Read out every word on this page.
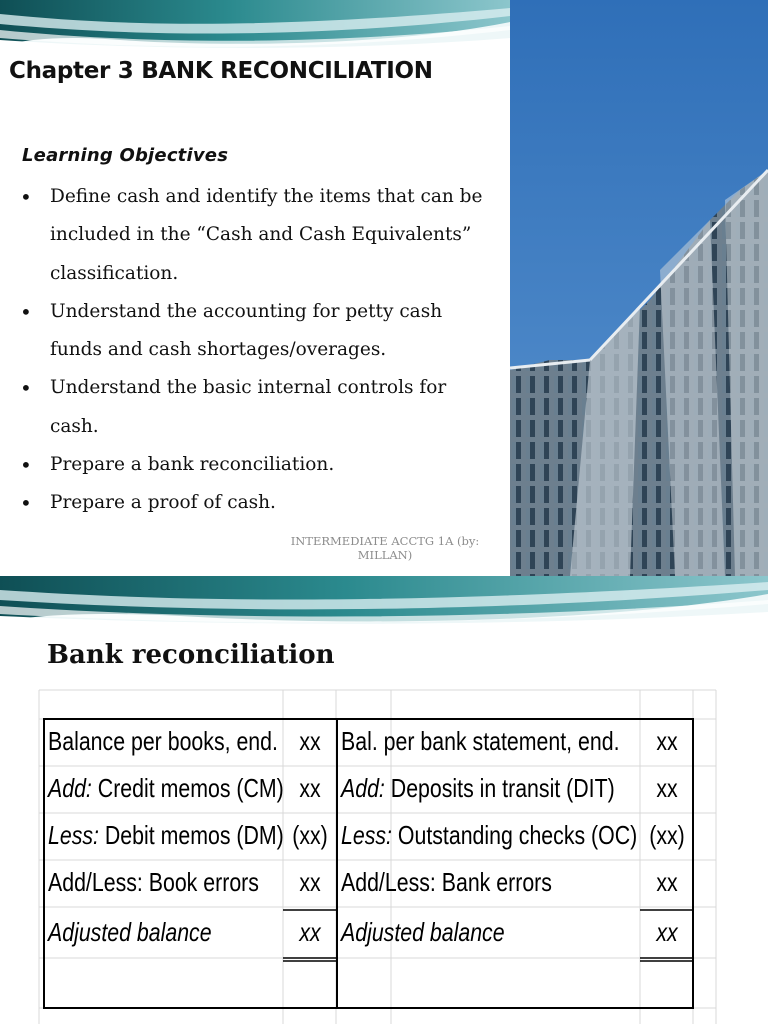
Chapter 3 BANK RECONCILIATION
Learning Objectives
• Define cash and identify the items that can be
included in the “Cash and Cash Equivalents”
classification.
• Understand the accounting for petty cash
funds and cash shortages/overages.
• Understand the basic internal controls for
cash.
• Prepare a bank reconciliation.
• Prepare a proof of cash.
INTERMEDIATE ACCTG 1A (by:
MILLAN)
Bank reconciliation
Balance per books, end.
Add: Credit memos (CM)
Less: Debit memos (DM)
Add/Less: Book errors
Adjusted balance
xx
xx
(xx)
xx
xx
Bal. per bank statement, end.
Add: Deposits in transit (DIT)
Less: Outstanding checks (OC)
Add/Less: Bank errors
Adjusted balance
xx
xx
(xx)
xx
xx
